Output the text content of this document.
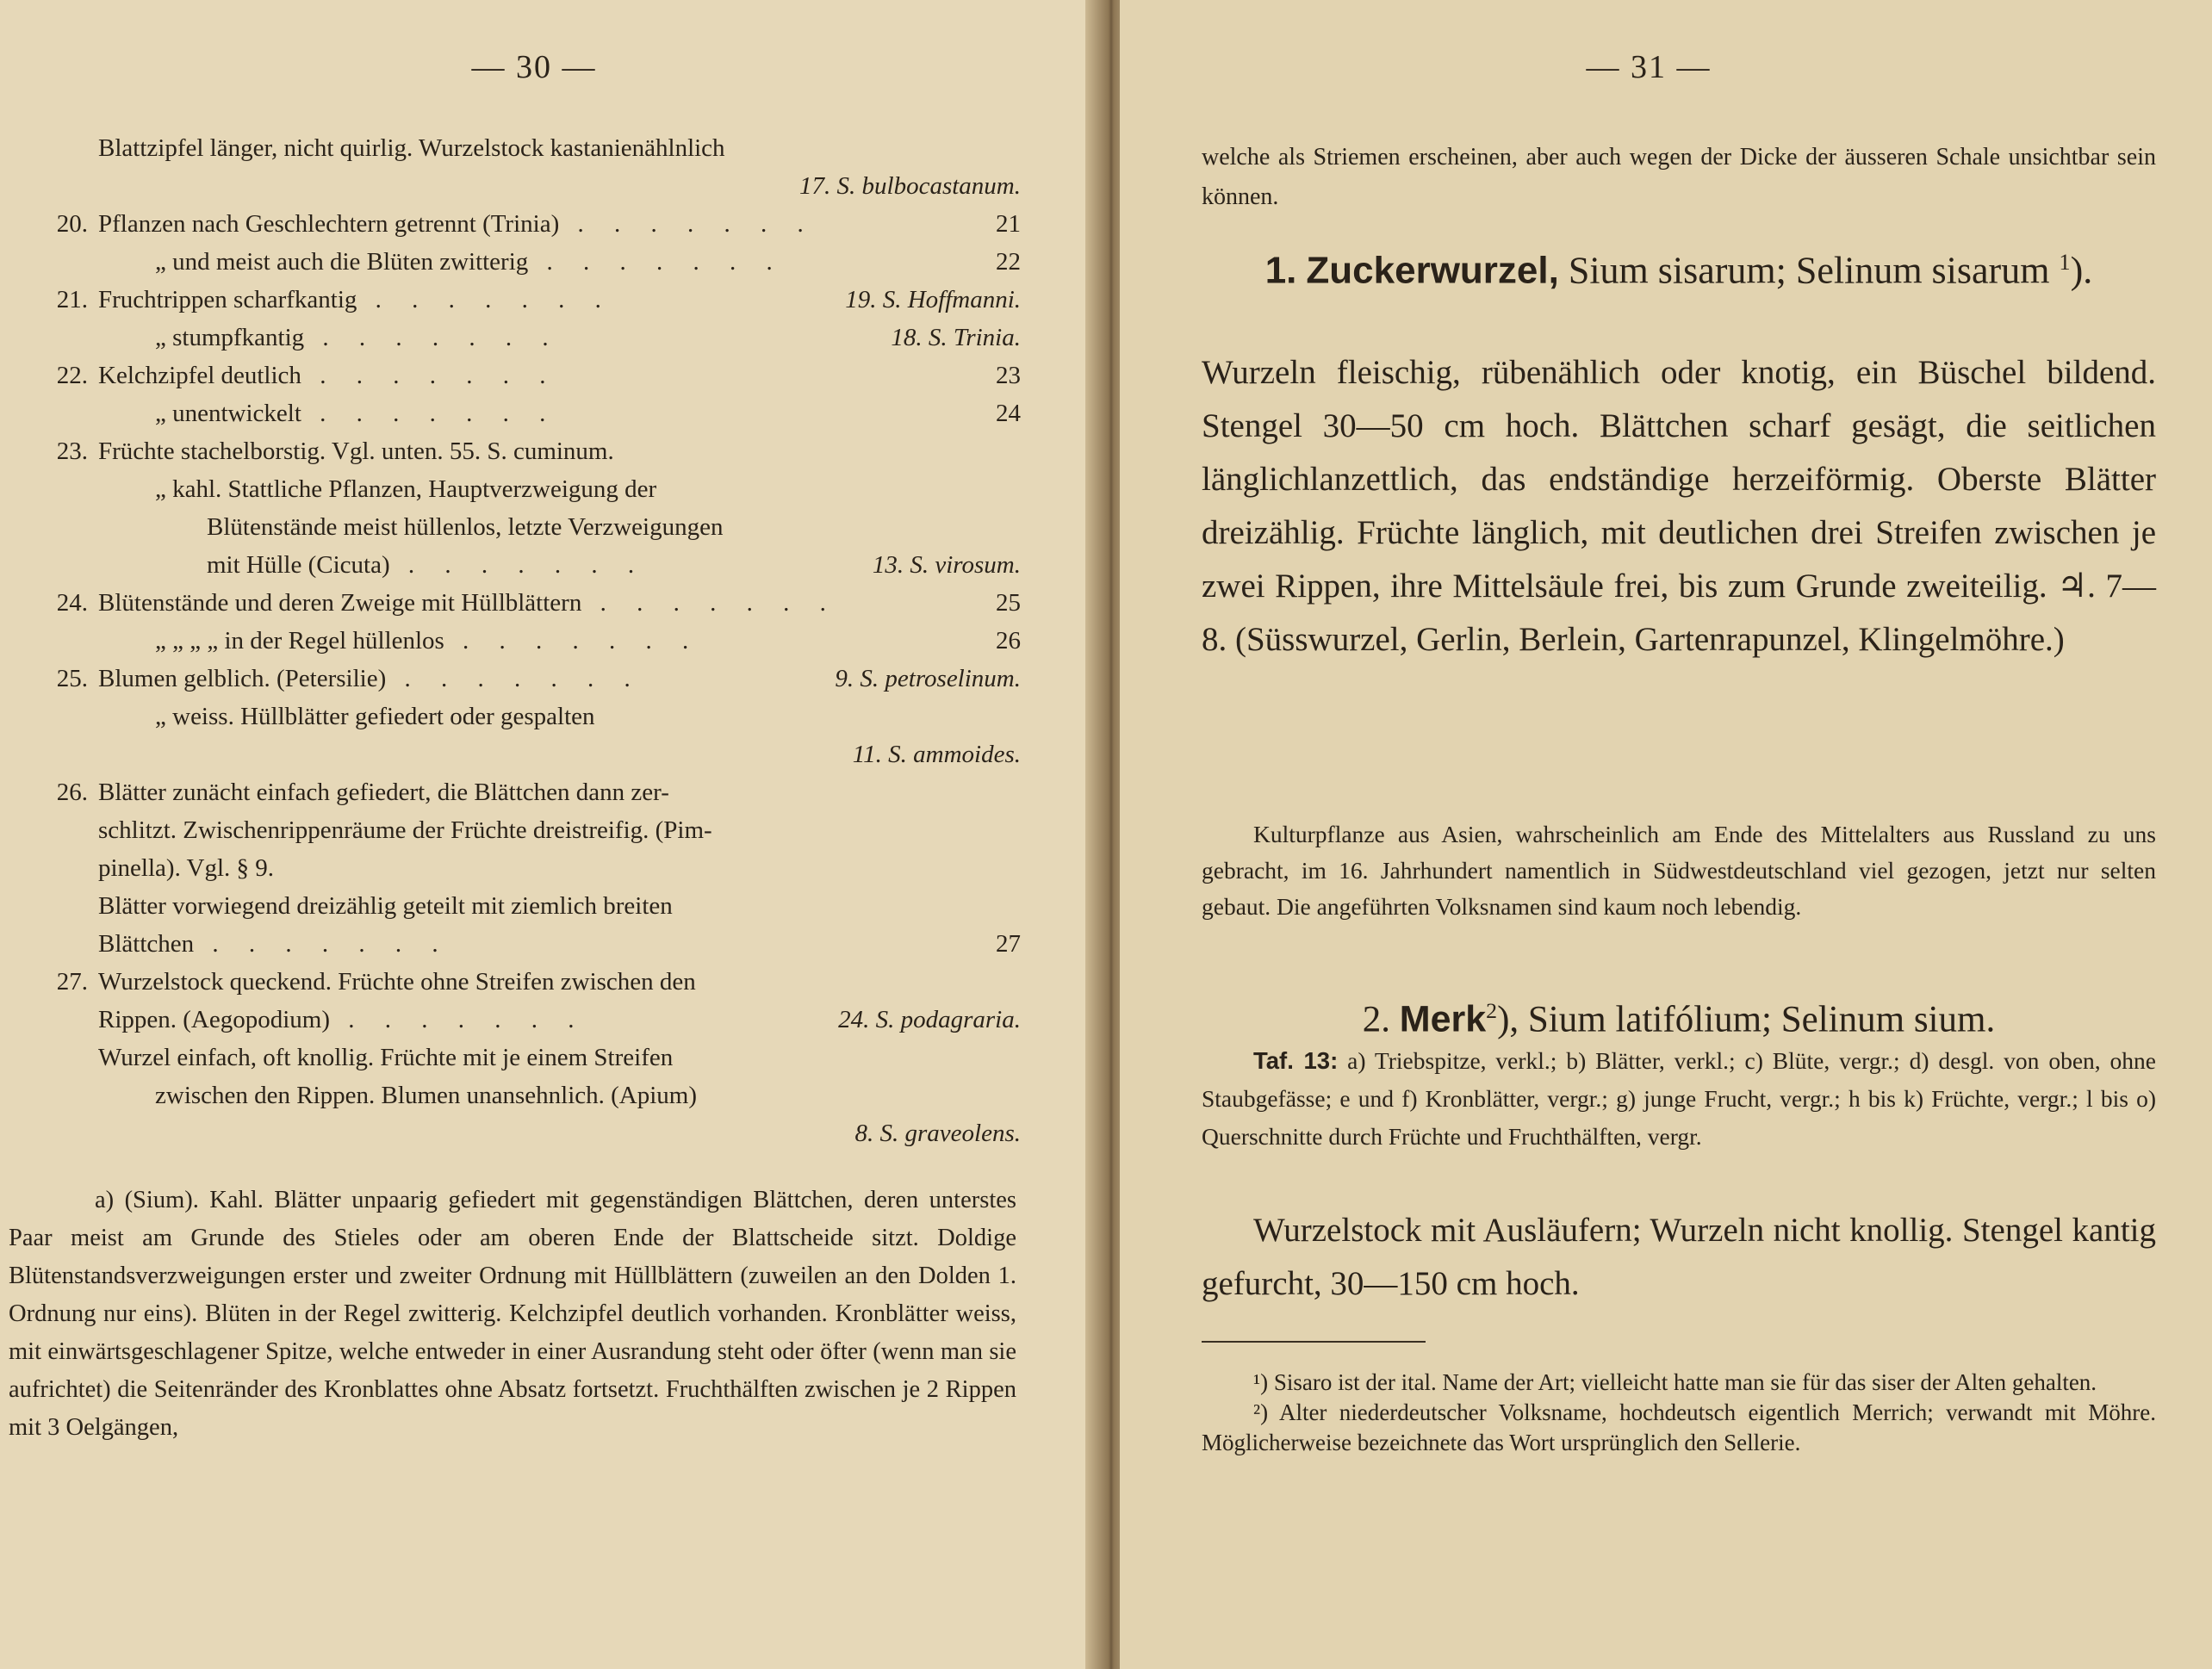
— 30 —
Blattzipfel länger, nicht quirlig. Wurzelstock kastanienählnlich
17. S. bulbocastanum.
20. Pflanzen nach Geschlechtern getrennt (Trinia) . . . . . . .	21
„ und meist auch die Blüten zwitterig . . . . . . .	22
21. Fruchtrippen scharfkantig . . . . . . .	19. S. Hoffmanni.
„ stumpfkantig . . . . . . .	18. S. Trinia.
22. Kelchzipfel deutlich . . . . . . .	23
„ unentwickelt . . . . . . .	24
23. Früchte stachelborstig. Vgl. unten. 55. S. cuminum.
„ kahl. Stattliche Pflanzen, Hauptverzweigung der
Blütenstände meist hüllenlos, letzte Verzweigungen
mit Hülle (Cicuta) . . . . . . .	13. S. virosum.
24. Blütenstände und deren Zweige mit Hüllblättern . . . . . . .	25
„ „ „ „ in der Regel hüllenlos . . . . . . .	26
25. Blumen gelblich. (Petersilie) . . . . . . .	9. S. petroselinum.
„ weiss. Hüllblätter gefiedert oder gespalten
11. S. ammoides.
26. Blätter zunächt einfach gefiedert, die Blättchen dann zer-
schlitzt. Zwischenrippenräume der Früchte dreistreifig. (Pim-
pinella). Vgl. § 9.
Blätter vorwiegend dreizählig geteilt mit ziemlich breiten
Blättchen . . . . . . .	27
27. Wurzelstock queckend. Früchte ohne Streifen zwischen den
Rippen. (Aegopodium) . . . . . . .	24. S. podagraria.
Wurzel einfach, oft knollig. Früchte mit je einem Streifen
zwischen den Rippen. Blumen unansehnlich. (Apium)
8. S. graveolens.
a) (Sium). Kahl. Blätter unpaarig gefiedert mit gegenständigen Blättchen, deren unterstes Paar meist am Grunde des Stieles oder am oberen Ende der Blattscheide sitzt. Doldige Blütenstandsverzweigungen erster und zweiter Ordnung mit Hüllblättern (zuweilen an den Dolden 1. Ordnung nur eins). Blüten in der Regel zwitterig. Kelchzipfel deutlich vorhanden. Kronblätter weiss, mit einwärtsgeschlagener Spitze, welche entweder in einer Ausrandung steht oder öfter (wenn man sie aufrichtet) die Seitenränder des Kronblattes ohne Absatz fortsetzt. Fruchthälften zwischen je 2 Rippen mit 3 Oelgängen,
— 31 —
welche als Striemen erscheinen, aber auch wegen der Dicke der äusseren Schale unsichtbar sein können.
1. Zuckerwurzel, Sium sisarum; Selinum sisarum $^1$).
Wurzeln fleischig, rübenählich oder knotig, ein Büschel bildend. Stengel 30—50 cm hoch. Blättchen scharf gesägt, die seitlichen länglichlanzettlich, das endständige herzeiförmig. Oberste Blätter dreizählig. Früchte länglich, mit deutlichen drei Streifen zwischen je zwei Rippen, ihre Mittelsäule frei, bis zum Grunde zweiteilig. ♃. 7—8. (Süsswurzel, Gerlin, Berlein, Gartenrapunzel, Klingelmöhre.)
Kulturpflanze aus Asien, wahrscheinlich am Ende des Mittelalters aus Russland zu uns gebracht, im 16. Jahrhundert namentlich in Südwestdeutschland viel gezogen, jetzt nur selten gebaut. Die angeführten Volksnamen sind kaum noch lebendig.
2. Merk$^2$), Sium latifólium; Selinum sium.
Taf. 13: a) Triebspitze, verkl.; b) Blätter, verkl.; c) Blüte, vergr.; d) desgl. von oben, ohne Staubgefässe; e und f) Kronblätter, vergr.; g) junge Frucht, vergr.; h bis k) Früchte, vergr.; l bis o) Querschnitte durch Früchte und Fruchthälften, vergr.
Wurzelstock mit Ausläufern; Wurzeln nicht knollig. Stengel kantig gefurcht, 30—150 cm hoch.
¹) Sisaro ist der ital. Name der Art; vielleicht hatte man sie für das siser der Alten gehalten.
²) Alter niederdeutscher Volksname, hochdeutsch eigentlich Merrich; verwandt mit Möhre. Möglicherweise bezeichnete das Wort ursprünglich den Sellerie.
